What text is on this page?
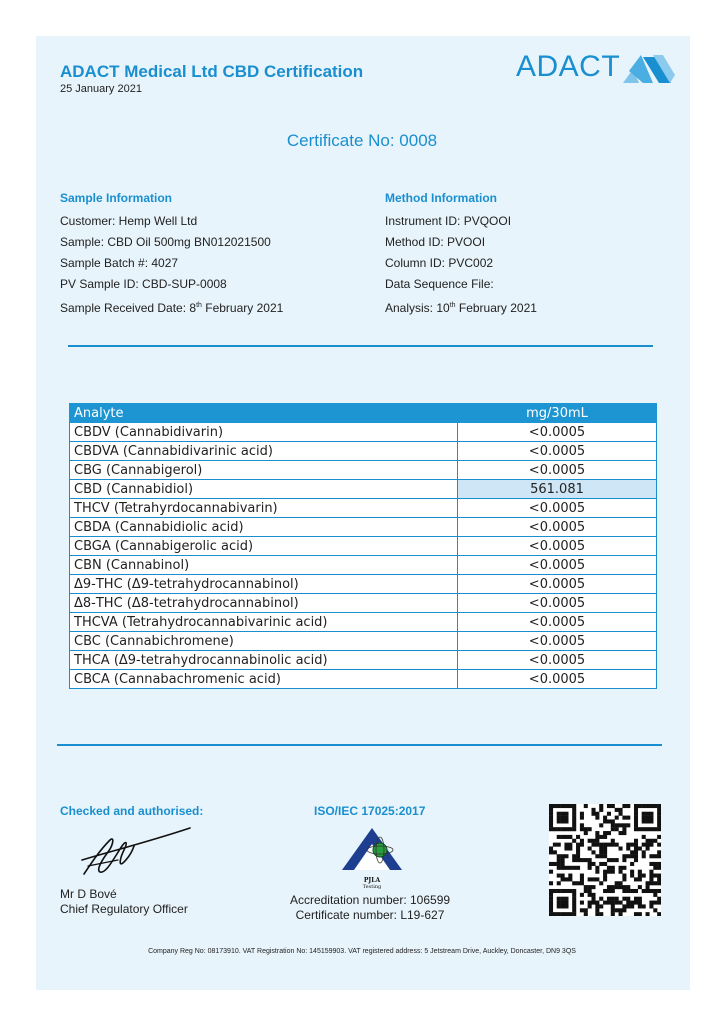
ADACT Medical Ltd CBD Certification
25 January 2021
ADACT
Certificate No: 0008
Sample Information
Customer: Hemp Well Ltd
Sample: CBD Oil 500mg BN012021500
Sample Batch #: 4027
PV Sample ID: CBD-SUP-0008
Sample Received Date: 8th February 2021
Method Information
Instrument ID: PVQOOI
Method ID: PVOOI
Column ID: PVC002
Data Sequence File:
Analysis: 10th February 2021
Analyte	mg/30mL
CBDV (Cannabidivarin)	<0.0005
CBDVA (Cannabidivarinic acid)	<0.0005
CBG (Cannabigerol)	<0.0005
CBD (Cannabidiol)	561.081
THCV (Tetrahyrdocannabivarin)	<0.0005
CBDA (Cannabidiolic acid)	<0.0005
CBGA (Cannabigerolic acid)	<0.0005
CBN (Cannabinol)	<0.0005
Δ9-THC (Δ9-tetrahydrocannabinol)	<0.0005
Δ8-THC (Δ8-tetrahydrocannabinol)	<0.0005
THCVA (Tetrahydrocannabivarinic acid)	<0.0005
CBC (Cannabichromene)	<0.0005
THCA (Δ9-tetrahydrocannabinolic acid)	<0.0005
CBCA (Cannabachromenic acid)	<0.0005
Checked and authorised:
Mr D Bové
Chief Regulatory Officer
ISO/IEC 17025:2017
PJLA
Testing
Accreditation number: 106599
Certificate number: L19-627
Company Reg No: 08173910. VAT Registration No: 145159903. VAT registered address: 5 Jetstream Drive, Auckley, Doncaster, DN9 3QS
